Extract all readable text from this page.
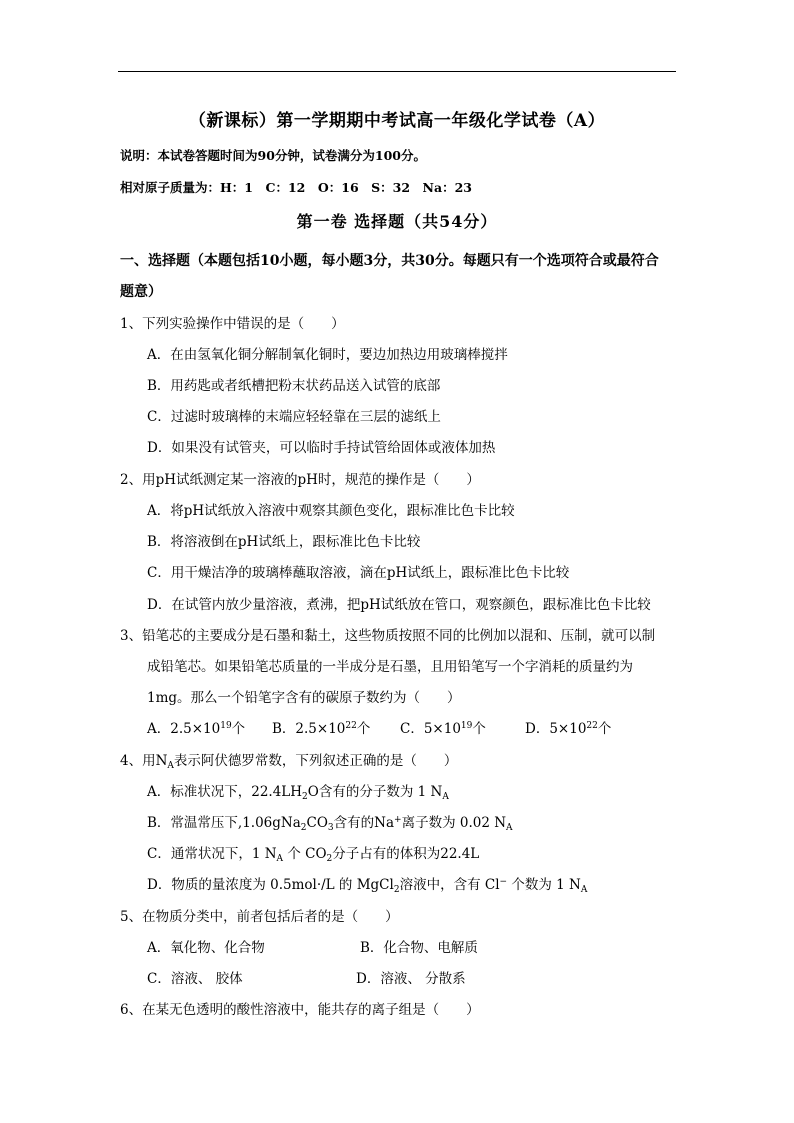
（新课标）第一学期期中考试高一年级化学试卷（A）
说明：本试卷答题时间为90分钟，试卷满分为100分。
相对原子质量为：H：1　C：12　O：16　S：32　Na：23
第一卷 选择题（共54分）
一、选择题（本题包括10小题，每小题3分，共30分。每题只有一个选项符合或最符合
题意）
1、下列实验操作中错误的是（　　）
A．在由氢氧化铜分解制氧化铜时，要边加热边用玻璃棒搅拌
B．用药匙或者纸槽把粉末状药品送入试管的底部
C．过滤时玻璃棒的末端应轻轻靠在三层的滤纸上
D．如果没有试管夹，可以临时手持试管给固体或液体加热
2、用pH试纸测定某一溶液的pH时，规范的操作是（　　）
A．将pH试纸放入溶液中观察其颜色变化，跟标准比色卡比较
B．将溶液倒在pH试纸上，跟标准比色卡比较
C．用干燥洁净的玻璃棒蘸取溶液，滴在pH试纸上，跟标准比色卡比较
D．在试管内放少量溶液，煮沸，把pH试纸放在管口，观察颜色，跟标准比色卡比较
3、铅笔芯的主要成分是石墨和黏土，这些物质按照不同的比例加以混和、压制，就可以制
成铅笔芯。如果铅笔芯质量的一半成分是石墨，且用铅笔写一个字消耗的质量约为
1mg。那么一个铅笔字含有的碳原子数约为（　　）
A．$2.5\times 10^{19}$个 B．$2.5\times 10^{22}$个 C．$5\times 10^{19}$个	D．$5\times 10^{22}$个
4、用$N_A$表示阿伏德罗常数，下列叙述正确的是（　　）
A．标准状况下，$22.4LH_2O$含有的分子数为 1 $N_A$
B．常温常压下$,1.06gNa_2CO_3$含有的Na+离子数为 0.02 $N_A$
C．通常状况下，1 $N_A$ 个 $CO_2$分子占有的体积为22.4L
D．物质的量浓度为 0.5mol·/L 的 MgCl$_2$溶液中，含有 Cl− 个数为 1 $N_A$
5、在物质分类中，前者包括后者的是（　　）
A．氧化物、化合物	B．化合物、电解质
C．溶液、 胶体	D．溶液、 分散系
6、在某无色透明的酸性溶液中，能共存的离子组是（　　）
